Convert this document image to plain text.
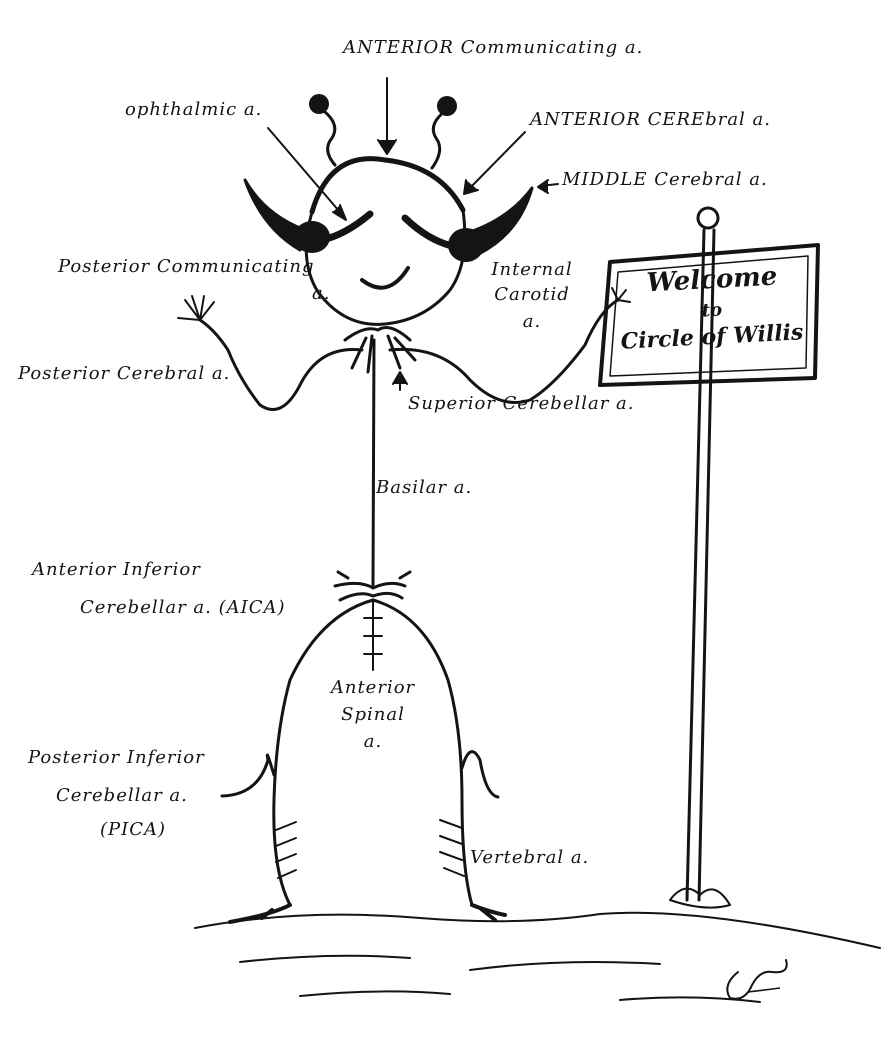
Welcome
to
Circle of Willis
ANTERIOR Communicating a.
ophthalmic a.	ANTERIOR CEREbral a.
MIDDLE Cerebral a.
Posterior Communicating
a.
Internal
Carotid
a.
Posterior Cerebral a.
Superior Cerebellar a.
Basilar a.
Anterior Inferior
Cerebellar a. (AICA)
Anterior
Spinal
a.
Posterior Inferior
Cerebellar a.
(PICA)
Vertebral a.
